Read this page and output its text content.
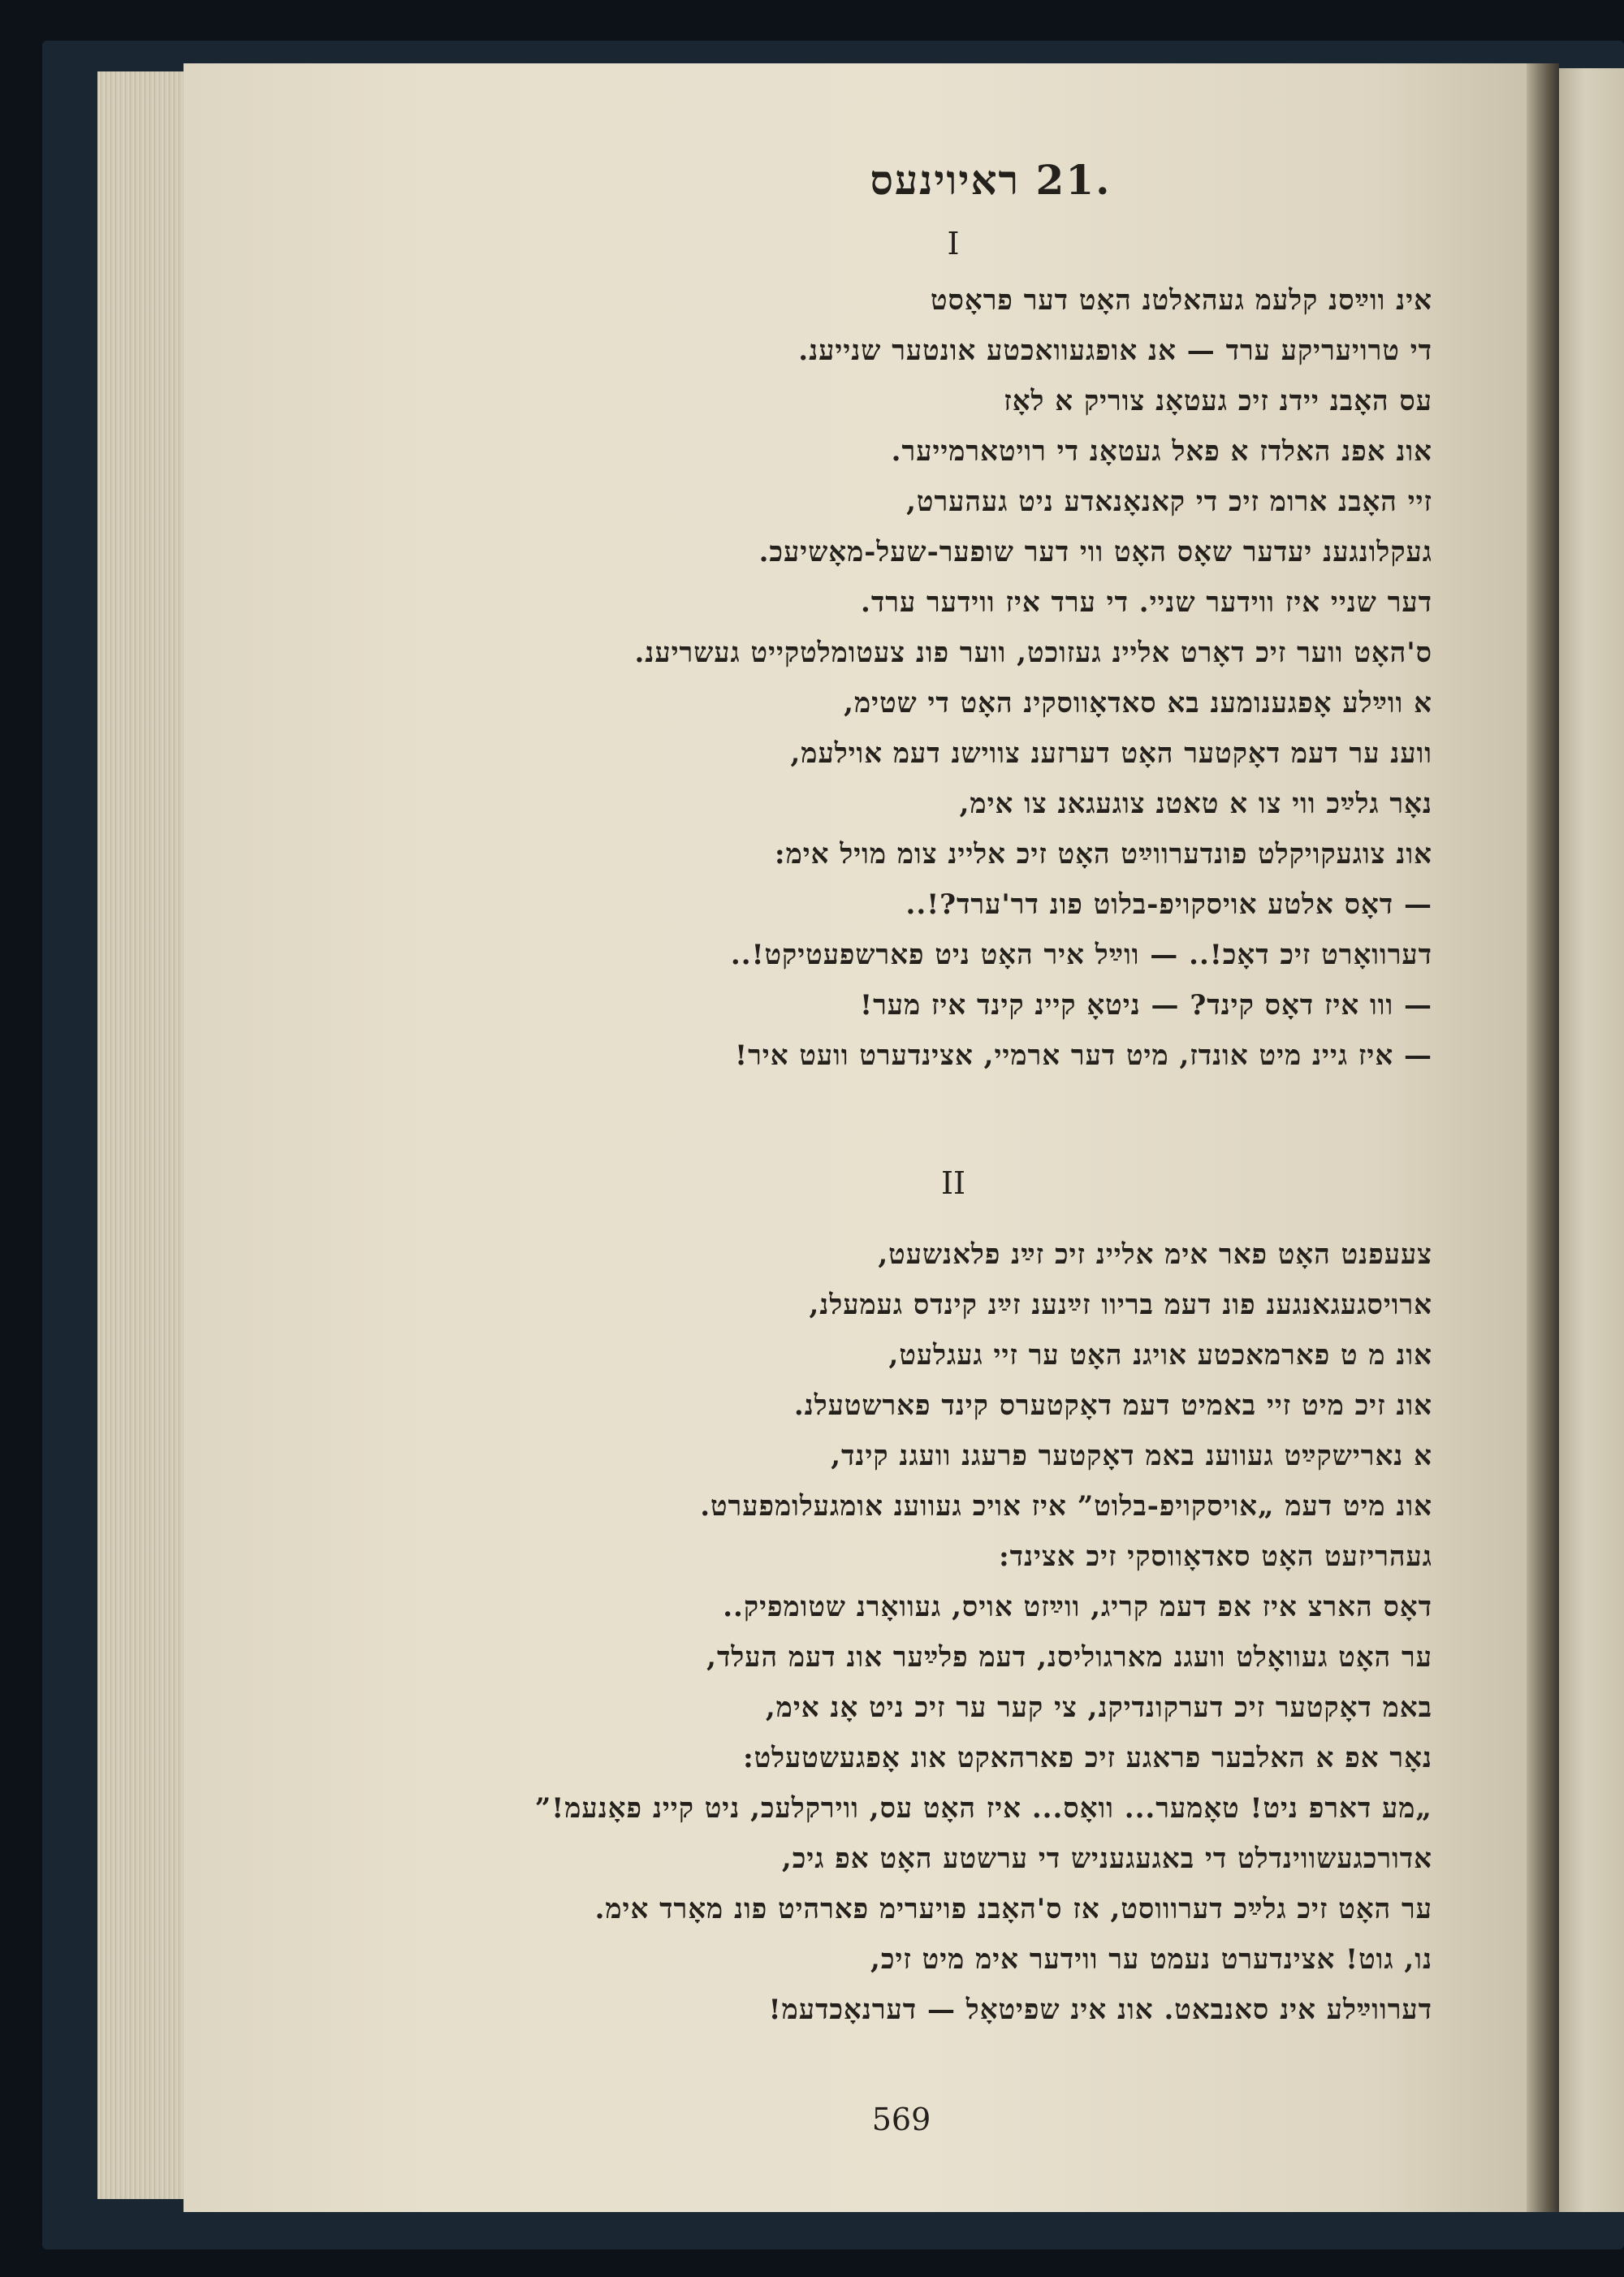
.21 ראיוינעס
I
אינ ווײַסנ קלעמ געהאלטנ האָט דער פראָסט
די טרויעריקע ערד — אנ אופגעוואכטע אונטער שנייענ.
עס האָבנ יידנ זיכ געטאָנ צוריק א לאָז
אונ אפנ האלדז א פאל געטאָנ די רויטארמייער.
זיי האָבנ ארומ זיכ די קאנאָנאדע ניט געהערט,
געקלונגענ יעדער שאָס האָט ווי דער שופער-שעל-מאָשיעכ.
דער שניי איז ווידער שניי. די ערד איז ווידער ערד.
ס'האָט ווער זיכ דאָרט אליינ געזוכט, ווער פונ צעטומלטקייט געשריענ.
א ווײַלע אָפגענומענ בא סאדאָווסקינ האָט די שטימ,
ווענ ער דעמ דאָקטער האָט דערזענ צווישנ דעמ אוילעמ,
נאָר גלײַכ ווי צו א טאטנ צוגעגאנ צו אימ,
אונ צוגעקויקלט פונדערווײַט האָט זיכ אליינ צומ מויל אימ:
— דאָס אלטע אויסקויפ-בלוט פונ דר'ערד?!..
דערוואָרט זיכ דאָכ!.. — ווײַל איר האָט ניט פארשפעטיקט!..
— ווו איז דאָס קינד? — ניטאָ קיינ קינד איז מער!
— איז גיינ מיט אונדז, מיט דער ארמיי, אצינדערט וועט איר!
II
צעעפנט האָט פאר אימ אליינ זיכ זײַנ פלאנשעט,
ארויסגעגאנגענ פונ דעמ בריוו זײַנענ זײַנ קינדס געמעלנ,
אונ מ ט פארמאכטע אויגנ האָט ער זיי געגלעט,
אונ זיכ מיט זיי באמיט דעמ דאָקטערס קינד פארשטעלנ.
א נארישקײַט געווענ באמ דאָקטער פרעגנ וועגנ קינד,
אונ מיט דעמ „אויסקויפ-בלוט” איז אויכ געווענ אומגעלומפערט.
געהריזעט האָט סאדאָווסקי זיכ אצינד:
דאָס הארצ איז אפ דעמ קריג, ווײַזט אויס, געוואָרנ שטומפיק..
ער האָט געוואָלט וועגנ מארגוליסנ, דעמ פלײַער אונ דעמ העלד,
באמ דאָקטער זיכ דערקונדיקנ, צי קער ער זיכ ניט אָנ אימ,
נאָר אפ א האלבער פראגע זיכ פארהאקט אונ אָפגעשטעלט:
„מע דארפ ניט! טאָמער... וואָס... איז האָט עס, ווירקלעכ, ניט קיינ פאָנעמ!”
אדורכגעשווינדלט די באגעגעניש די ערשטע האָט אפ גיכ,
ער האָט זיכ גלײַכ דערוווסט, אז ס'האָבנ פויערימ פארהיט פונ מאָרד אימ.
נו, גוט! אצינדערט נעמט ער ווידער אימ מיט זיכ,
דערווײַלע אינ סאנבאט. אונ אינ שפיטאָל — דערנאָכדעמ!
569
